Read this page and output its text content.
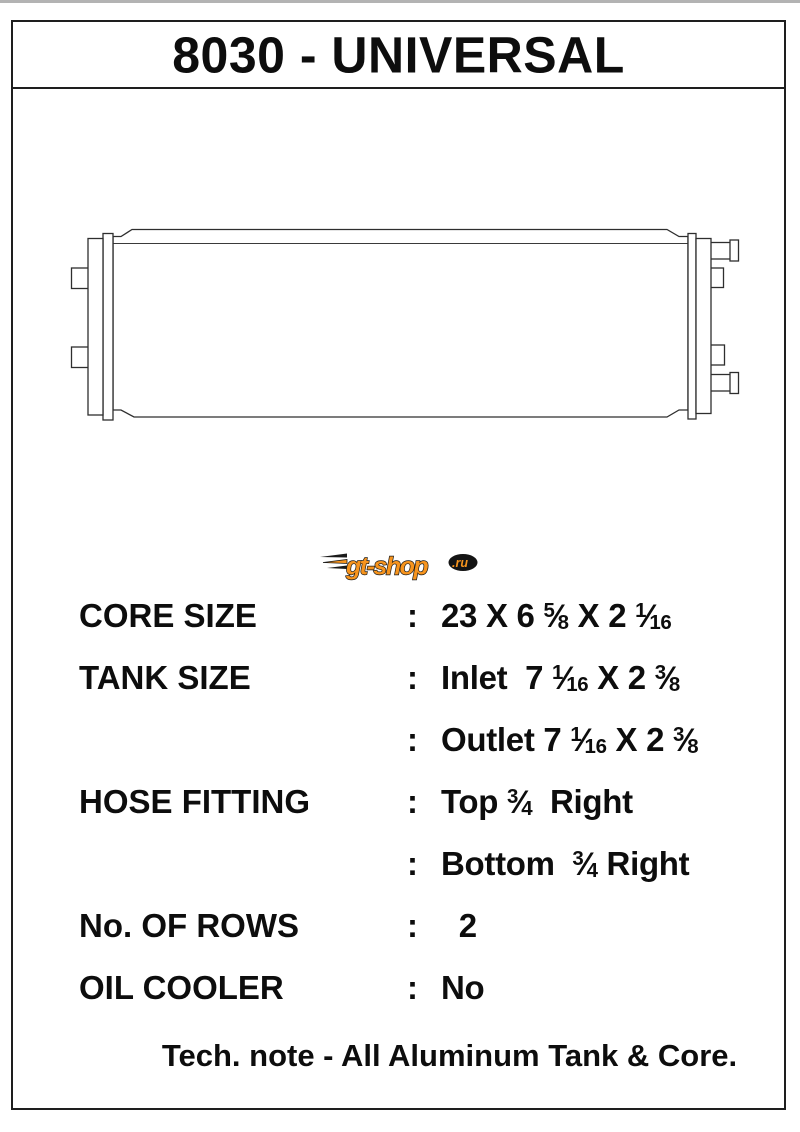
8030 - UNIVERSAL
CORE SIZE	: 23 X 6 $^5⁄_8$ X 2 $^1⁄_{16}$
TANK SIZE	: Inlet  7 $^1⁄_{16}$ X 2 $^3⁄_8$
: Outlet 7 $^1⁄_{16}$ X 2 $^3⁄_8$
HOSE FITTING	: Top $^3⁄_4$  Right
: Bottom  $^3⁄_4$ Right
No. OF ROWS	: 2
OIL COOLER	: No
Tech. note - All Aluminum Tank & Core.
gt-shop .ru
